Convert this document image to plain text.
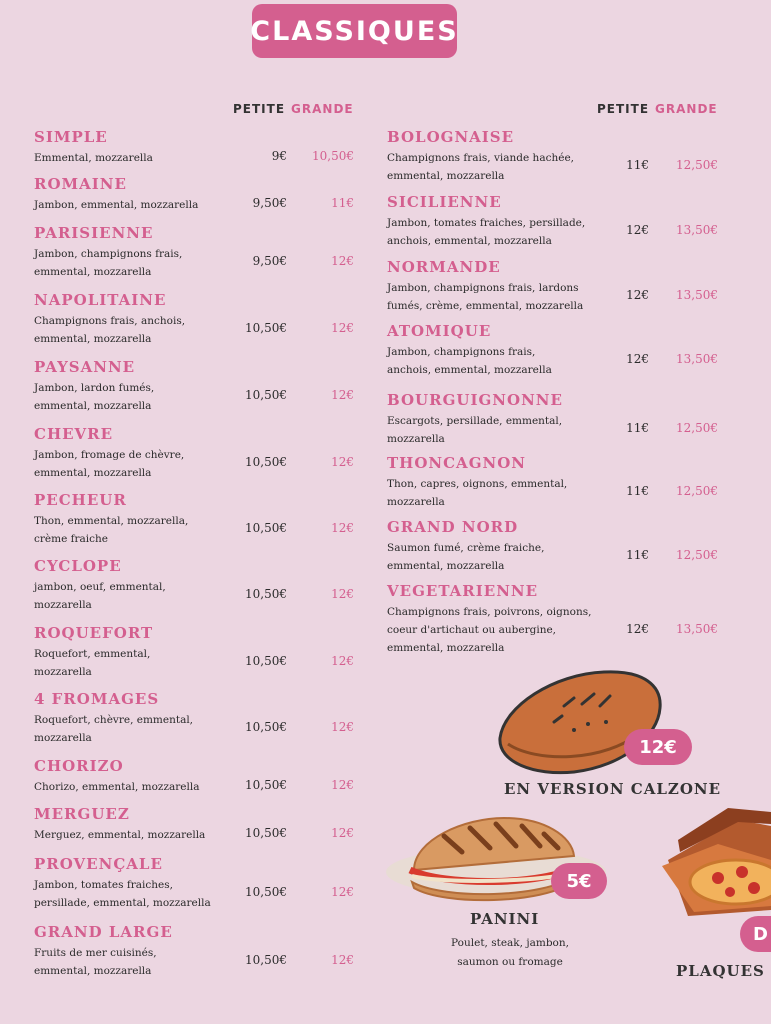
CLASSIQUES
PETITE GRANDE	PETITE GRANDE
SIMPLE
Emmental, mozzarella	9€ 10,50€
ROMAINE
Jambon, emmental, mozzarella	9,50€	11€
PARISIENNE
Jambon, champignons frais,
emmental, mozzarella
9,50€	12€
NAPOLITAINE
Champignons frais, anchois,
emmental, mozzarella
10,50€	12€
PAYSANNE
Jambon, lardon fumés,
emmental, mozzarella
10,50€	12€
CHEVRE
Jambon, fromage de chèvre,
emmental, mozzarella
10,50€	12€
PECHEUR
Thon, emmental, mozzarella,
crème fraiche
10,50€	12€
CYCLOPE
jambon, oeuf, emmental,
mozzarella
10,50€	12€
ROQUEFORT
Roquefort, emmental,
mozzarella
10,50€	12€
4 FROMAGES
Roquefort, chèvre, emmental,
mozzarella
10,50€	12€
CHORIZO
Chorizo, emmental, mozzarella	10,50€	12€
MERGUEZ
Merguez, emmental, mozzarella	10,50€	12€
PROVENÇALE
Jambon, tomates fraiches,
persillade, emmental, mozzarella
10,50€	12€
GRAND LARGE
Fruits de mer cuisinés,
emmental, mozzarella
10,50€	12€
BOLOGNAISE
Champignons frais, viande hachée,
emmental, mozzarella
11€ 12,50€
SICILIENNE
Jambon, tomates fraiches, persillade,
anchois, emmental, mozzarella
12€ 13,50€
NORMANDE
Jambon, champignons frais, lardons
fumés, crème, emmental, mozzarella
12€ 13,50€
ATOMIQUE
Jambon, champignons frais,
anchois, emmental, mozzarella
12€ 13,50€
BOURGUIGNONNE
Escargots, persillade, emmental,
mozzarella
11€ 12,50€
THONCAGNON
Thon, capres, oignons, emmental,
mozzarella
11€ 12,50€
GRAND NORD
Saumon fumé, crème fraiche,
emmental, mozzarella
11€ 12,50€
VEGETARIENNE
Champignons frais, poivrons, oignons,
coeur d'artichaut ou aubergine,
emmental, mozzarella
12€ 13,50€
12€
EN VERSION CALZONE
5€
PANINI
Poulet, steak, jambon,
saumon ou fromage
D
PLAQUES
